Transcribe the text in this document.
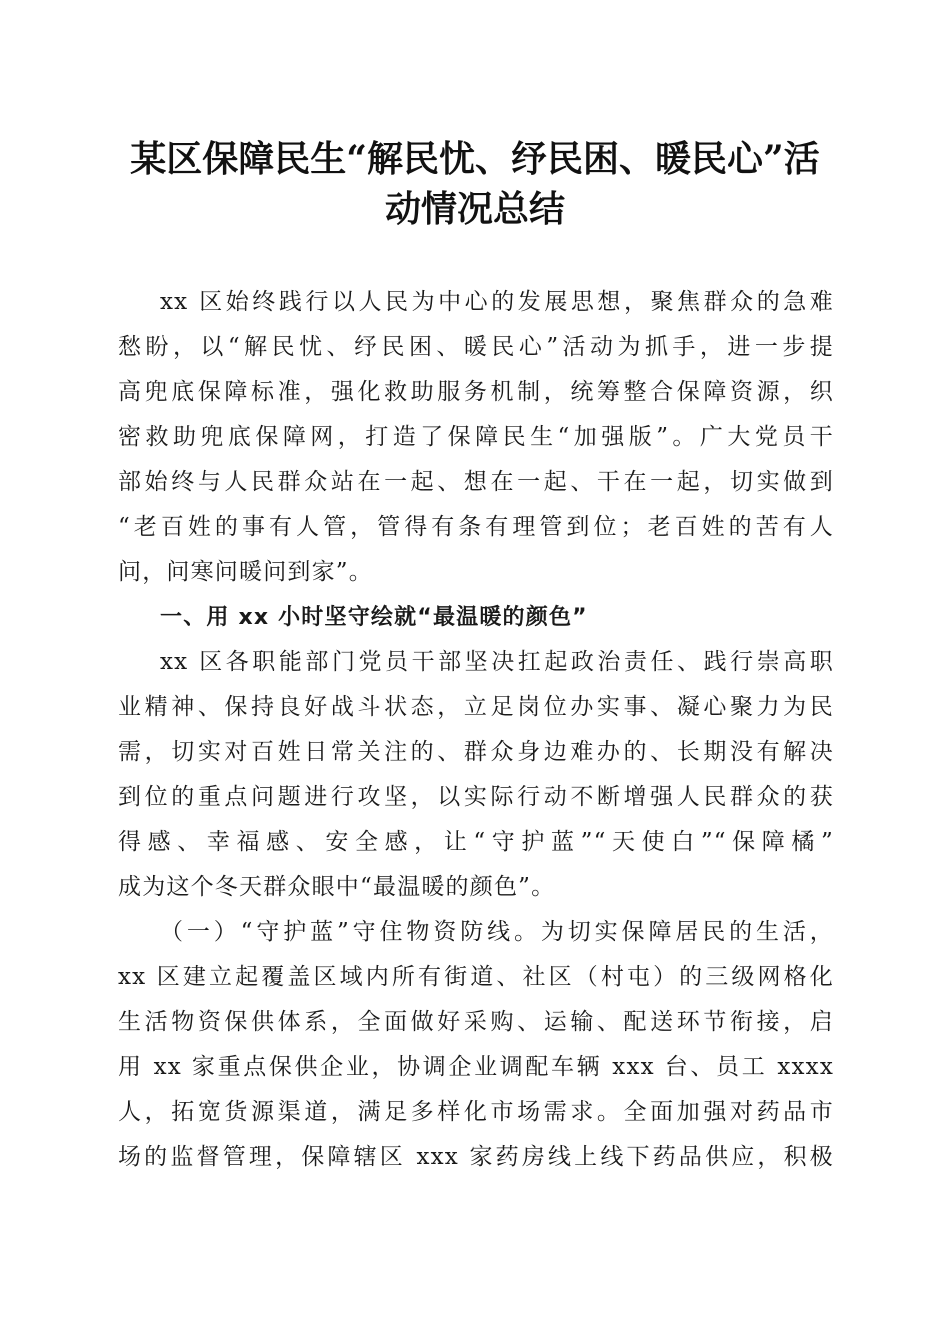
某区保障民生“解民忧、纾民困、暖民心”活
动情况总结
xx 区始终践行以人民为中心的发展思想，聚焦群众的急难
愁盼，以“解民忧、纾民困、暖民心”活动为抓手，进一步提
高兜底保障标准，强化救助服务机制，统筹整合保障资源，织
密救助兜底保障网，打造了保障民生“加强版”。广大党员干
部始终与人民群众站在一起、想在一起、干在一起，切实做到
“老百姓的事有人管，管得有条有理管到位；老百姓的苦有人
问，问寒问暖问到家”。
一、用 xx 小时坚守绘就“最温暖的颜色”
xx 区各职能部门党员干部坚决扛起政治责任、践行崇高职
业精神、保持良好战斗状态，立足岗位办实事、凝心聚力为民
需，切实对百姓日常关注的、群众身边难办的、长期没有解决
到位的重点问题进行攻坚，以实际行动不断增强人民群众的获
得感、幸福感、安全感，让“守护蓝”“天使白”“保障橘”
成为这个冬天群众眼中“最温暖的颜色”。
（一）“守护蓝”守住物资防线。为切实保障居民的生活，
xx 区建立起覆盖区域内所有街道、社区（村屯）的三级网格化
生活物资保供体系，全面做好采购、运输、配送环节衔接，启
用 xx 家重点保供企业，协调企业调配车辆 xxx 台、员工 xxxx
人，拓宽货源渠道，满足多样化市场需求。全面加强对药品市
场的监督管理，保障辖区 xxx 家药房线上线下药品供应，积极
